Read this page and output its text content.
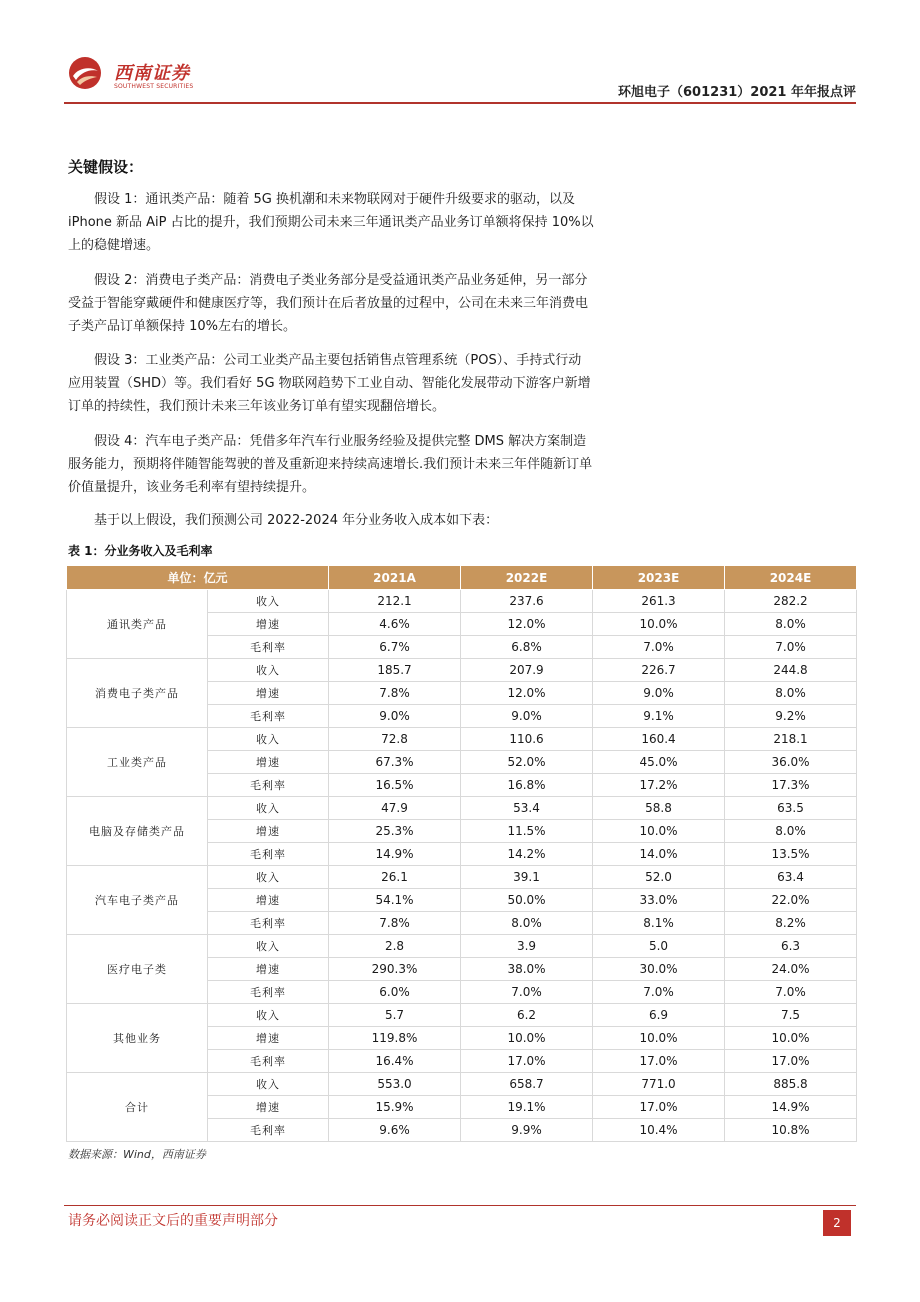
西南证券
SOUTHWEST SECURITIES	环旭电子（601231）2021 年年报点评
关键假设：
假设 1：通讯类产品：随着 5G 换机潮和未来物联网对于硬件升级要求的驱动，以及
iPhone 新品 AiP 占比的提升，我们预期公司未来三年通讯类产品业务订单额将保持 10%以
上的稳健增速。
假设 2：消费电子类产品：消费电子类业务部分是受益通讯类产品业务延伸，另一部分
受益于智能穿戴硬件和健康医疗等，我们预计在后者放量的过程中，公司在未来三年消费电
子类产品订单额保持 10%左右的增长。
假设 3：工业类产品：公司工业类产品主要包括销售点管理系统（POS）、手持式行动
应用装置（SHD）等。我们看好 5G 物联网趋势下工业自动、智能化发展带动下游客户新增
订单的持续性，我们预计未来三年该业务订单有望实现翻倍增长。
假设 4：汽车电子类产品：凭借多年汽车行业服务经验及提供完整 DMS 解决方案制造
服务能力，预期将伴随智能驾驶的普及重新迎来持续高速增长.我们预计未来三年伴随新订单
价值量提升，该业务毛利率有望持续提升。
基于以上假设，我们预测公司 2022-2024 年分业务收入成本如下表：
表 1：分业务收入及毛利率
单位：亿元		2021A	2022E	2023E	2024E
通讯类产品	收入	212.1	237.6	261.3	282.2
	增速	4.6%	12.0%	10.0%	8.0%
	毛利率	6.7%	6.8%	7.0%	7.0%
消费电子类产品	收入	185.7	207.9	226.7	244.8
	增速	7.8%	12.0%	9.0%	8.0%
	毛利率	9.0%	9.0%	9.1%	9.2%
工业类产品	收入	72.8	110.6	160.4	218.1
	增速	67.3%	52.0%	45.0%	36.0%
	毛利率	16.5%	16.8%	17.2%	17.3%
电脑及存储类产品	收入	47.9	53.4	58.8	63.5
	增速	25.3%	11.5%	10.0%	8.0%
	毛利率	14.9%	14.2%	14.0%	13.5%
汽车电子类产品	收入	26.1	39.1	52.0	63.4
	增速	54.1%	50.0%	33.0%	22.0%
	毛利率	7.8%	8.0%	8.1%	8.2%
医疗电子类	收入	2.8	3.9	5.0	6.3
	增速	290.3%	38.0%	30.0%	24.0%
	毛利率	6.0%	7.0%	7.0%	7.0%
其他业务	收入	5.7	6.2	6.9	7.5
	增速	119.8%	10.0%	10.0%	10.0%
	毛利率	16.4%	17.0%	17.0%	17.0%
合计	收入	553.0	658.7	771.0	885.8
	增速	15.9%	19.1%	17.0%	14.9%
	毛利率	9.6%	9.9%	10.4%	10.8%
数据来源：Wind，西南证券
请务必阅读正文后的重要声明部分	2
